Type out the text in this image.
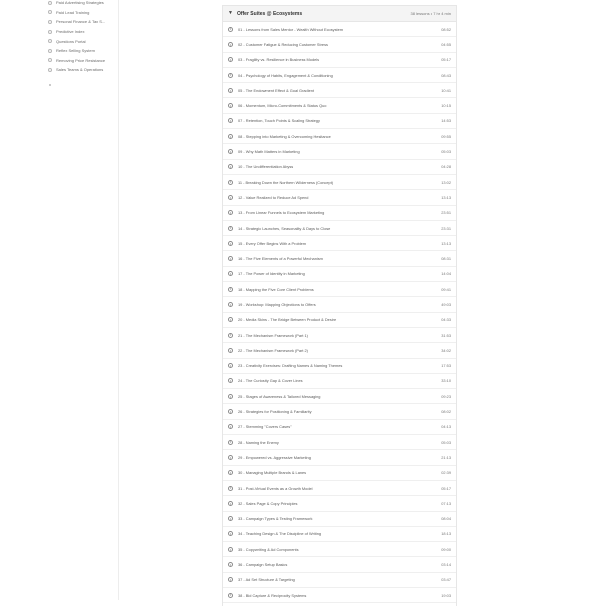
Paid Advertising Strategies
Paid Lead Training
Personal Finance & Tax S...
Predictive Index
Questions Portal
Reflex Selling System
Removing Price Resistance
Sales Teams & Operations
▼ Offer Suites @ Ecosystems	38 lessons • 7 hr 4 min
01 - Lessons from Sales Mentor - Wealth Without Ecosystem	08:52
02 - Customer Fatigue & Reducing Customer Stress	04:55
03 - Fragility vs. Resilience in Business Models	05:17
04 - Psychology of Habits, Engagement & Conditioning	08:43
05 - The Endowment Effect & Goal Gradient	10:41
06 - Momentum, Micro-Commitments & Status Quo	10:15
07 - Retention, Touch Points & Scaling Strategy	14:53
08 - Stepping into Marketing & Overcoming Hesitance	09:55
09 - Why Math Matters in Marketing	05:03
10 - The Undifferentiation Abyss	04:28
11 - Breaking Down the Northern Wilderness (Concept)	13:02
12 - Value Realized to Reduce Ad Spend	13:13
13 - From Linear Funnels to Ecosystem Marketing	23:51
14 - Strategic Launches, Seasonality & Days to Close	23:31
15 - Every Offer Begins With a Problem	13:13
16 - The Five Elements of a Powerful Mechanism	08:31
17 - The Power of Identity in Marketing	14:04
18 - Mapping the Five Core Client Problems	09:41
19 - Workshop: Mapping Objections to Offers	49:03
20 - Media Skins - The Bridge Between Product & Desire	04:33
21 - The Mechanism Framework (Part 1)	31:53
22 - The Mechanism Framework (Part 2)	34:02
23 - Creativity Exercises: Drafting Names & Naming Themes	17:53
24 - The Curiosity Gap & Cover Lines	33:10
25 - Stages of Awareness & Tailored Messaging	09:23
26 - Strategies for Positioning & Familiarity	08:02
27 - Stemming "Covers Cases"	04:13
28 - Naming the Enemy	05:03
29 - Empowered vs. Aggressive Marketing	21:13
30 - Managing Multiple Brands & Lanes	02:39
31 - Post-Virtual Events as a Growth Model	05:17
32 - Sales Page & Copy Principles	07:13
33 - Campaign Types & Testing Framework	08:04
34 - Teaching Design & The Discipline of Writing	18:13
35 - Copywriting & Ad Components	09:00
36 - Campaign Setup Basics	03:14
37 - Ad Set Structure & Targeting	03:47
38 - Bid Capture & Reciprocity Systems	19:03
